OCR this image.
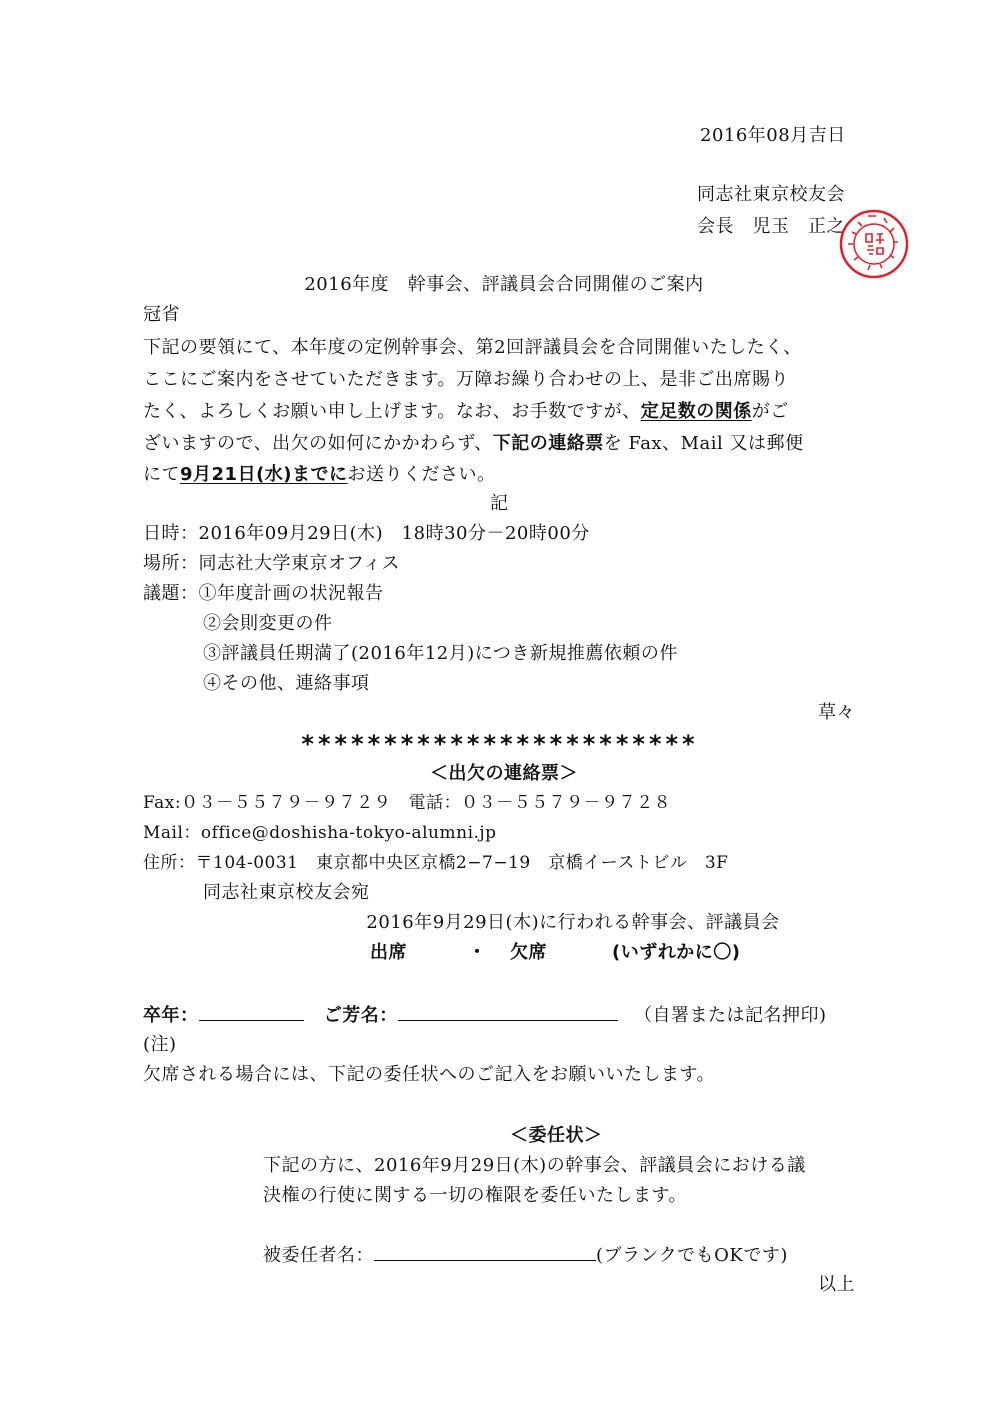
2016年08月吉日
同志社東京校友会
会長　児玉　正之
2016年度　幹事会、評議員会合同開催のご案内
冠省
下記の要領にて、本年度の定例幹事会、第2回評議員会を合同開催いたしたく、
ここにご案内をさせていただきます。万障お繰り合わせの上、是非ご出席賜り
たく、よろしくお願い申し上げます。なお、お手数ですが、定足数の関係がご
ざいますので、出欠の如何にかかわらず、下記の連絡票を Fax、Mail 又は郵便
にて9月21日(水)までにお送りください。
記
日時：2016年09月29日(木)　18時30分－20時00分
場所：同志社大学東京オフィス
議題：①年度計画の状況報告
②会則変更の件
③評議員任期満了(2016年12月)につき新規推薦依頼の件
④その他、連絡事項
草々
************************
＜出欠の連絡票＞
Fax:０３－５５７９－９７２９　電話：０３－５５７９－９７２８
Mail：office@doshisha-tokyo-alumni.jp
住所：〒104-0031　東京都中央区京橋2−7−19　京橋イーストビル　3F
同志社東京校友会宛
2016年9月29日(木)に行われる幹事会、評議員会
出席	・ 欠席	(いずれかに〇)
卒年：	ご芳名：	（自署または記名押印)
(注)
欠席される場合には、下記の委任状へのご記入をお願いいたします。
＜委任状＞
下記の方に、2016年9月29日(木)の幹事会、評議員会における議
決権の行使に関する一切の権限を委任いたします。
被委任者名：	(ブランクでもOKです)
以上
